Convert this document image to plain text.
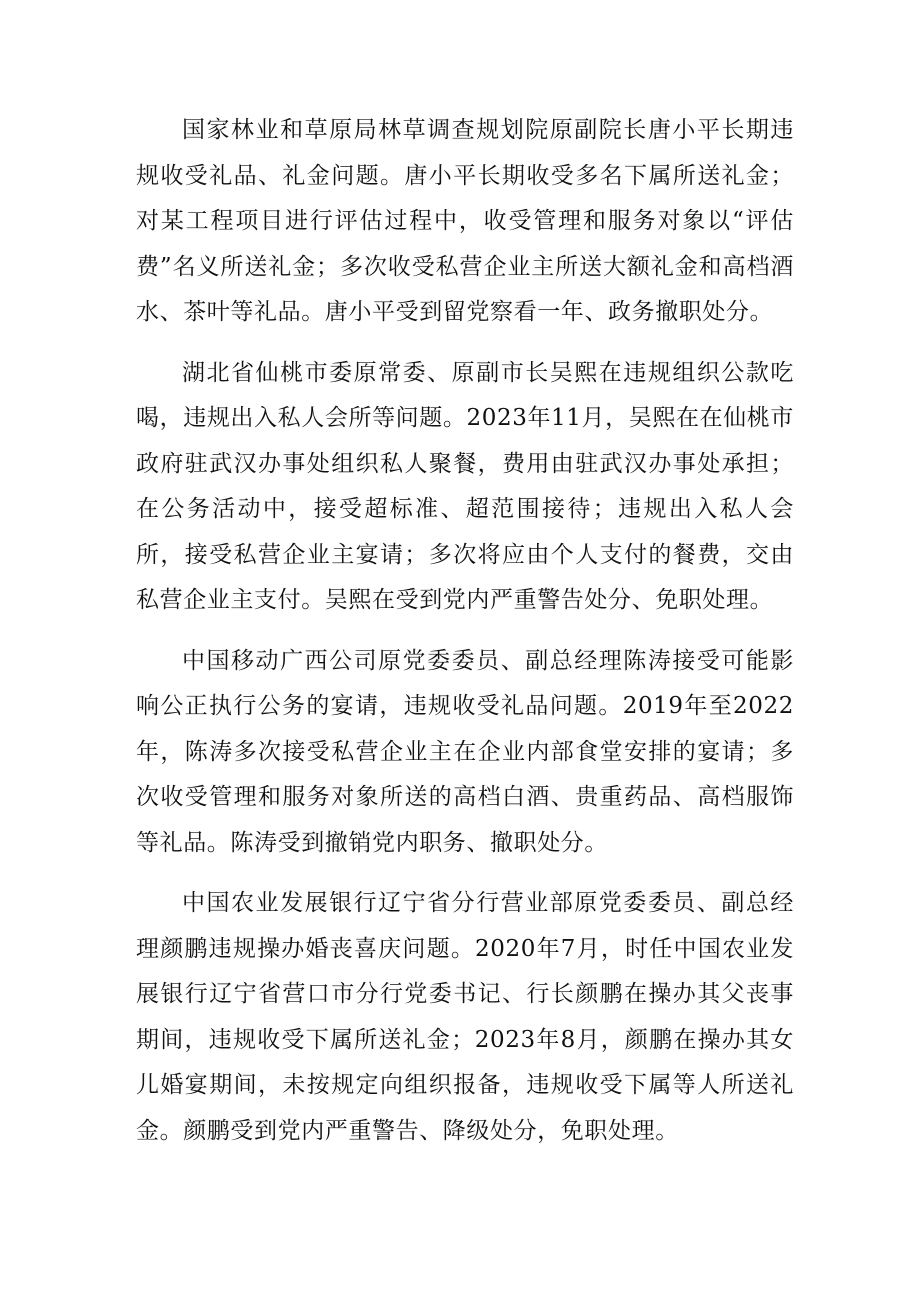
国家林业和草原局林草调查规划院原副院长唐小平长期违规收受礼品、礼金问题。唐小平长期收受多名下属所送礼金；对某工程项目进行评估过程中，收受管理和服务对象以“评估费”名义所送礼金；多次收受私营企业主所送大额礼金和高档酒水、茶叶等礼品。唐小平受到留党察看一年、政务撤职处分。

湖北省仙桃市委原常委、原副市长吴熙在违规组织公款吃喝，违规出入私人会所等问题。2023年11月，吴熙在在仙桃市政府驻武汉办事处组织私人聚餐，费用由驻武汉办事处承担；在公务活动中，接受超标准、超范围接待；违规出入私人会所，接受私营企业主宴请；多次将应由个人支付的餐费，交由私营企业主支付。吴熙在受到党内严重警告处分、免职处理。

中国移动广西公司原党委委员、副总经理陈涛接受可能影响公正执行公务的宴请，违规收受礼品问题。2019年至2022年，陈涛多次接受私营企业主在企业内部食堂安排的宴请；多次收受管理和服务对象所送的高档白酒、贵重药品、高档服饰等礼品。陈涛受到撤销党内职务、撤职处分。

中国农业发展银行辽宁省分行营业部原党委委员、副总经理颜鹏违规操办婚丧喜庆问题。2020年7月，时任中国农业发展银行辽宁省营口市分行党委书记、行长颜鹏在操办其父丧事期间，违规收受下属所送礼金；2023年8月，颜鹏在操办其女儿婚宴期间，未按规定向组织报备，违规收受下属等人所送礼金。颜鹏受到党内严重警告、降级处分，免职处理。
